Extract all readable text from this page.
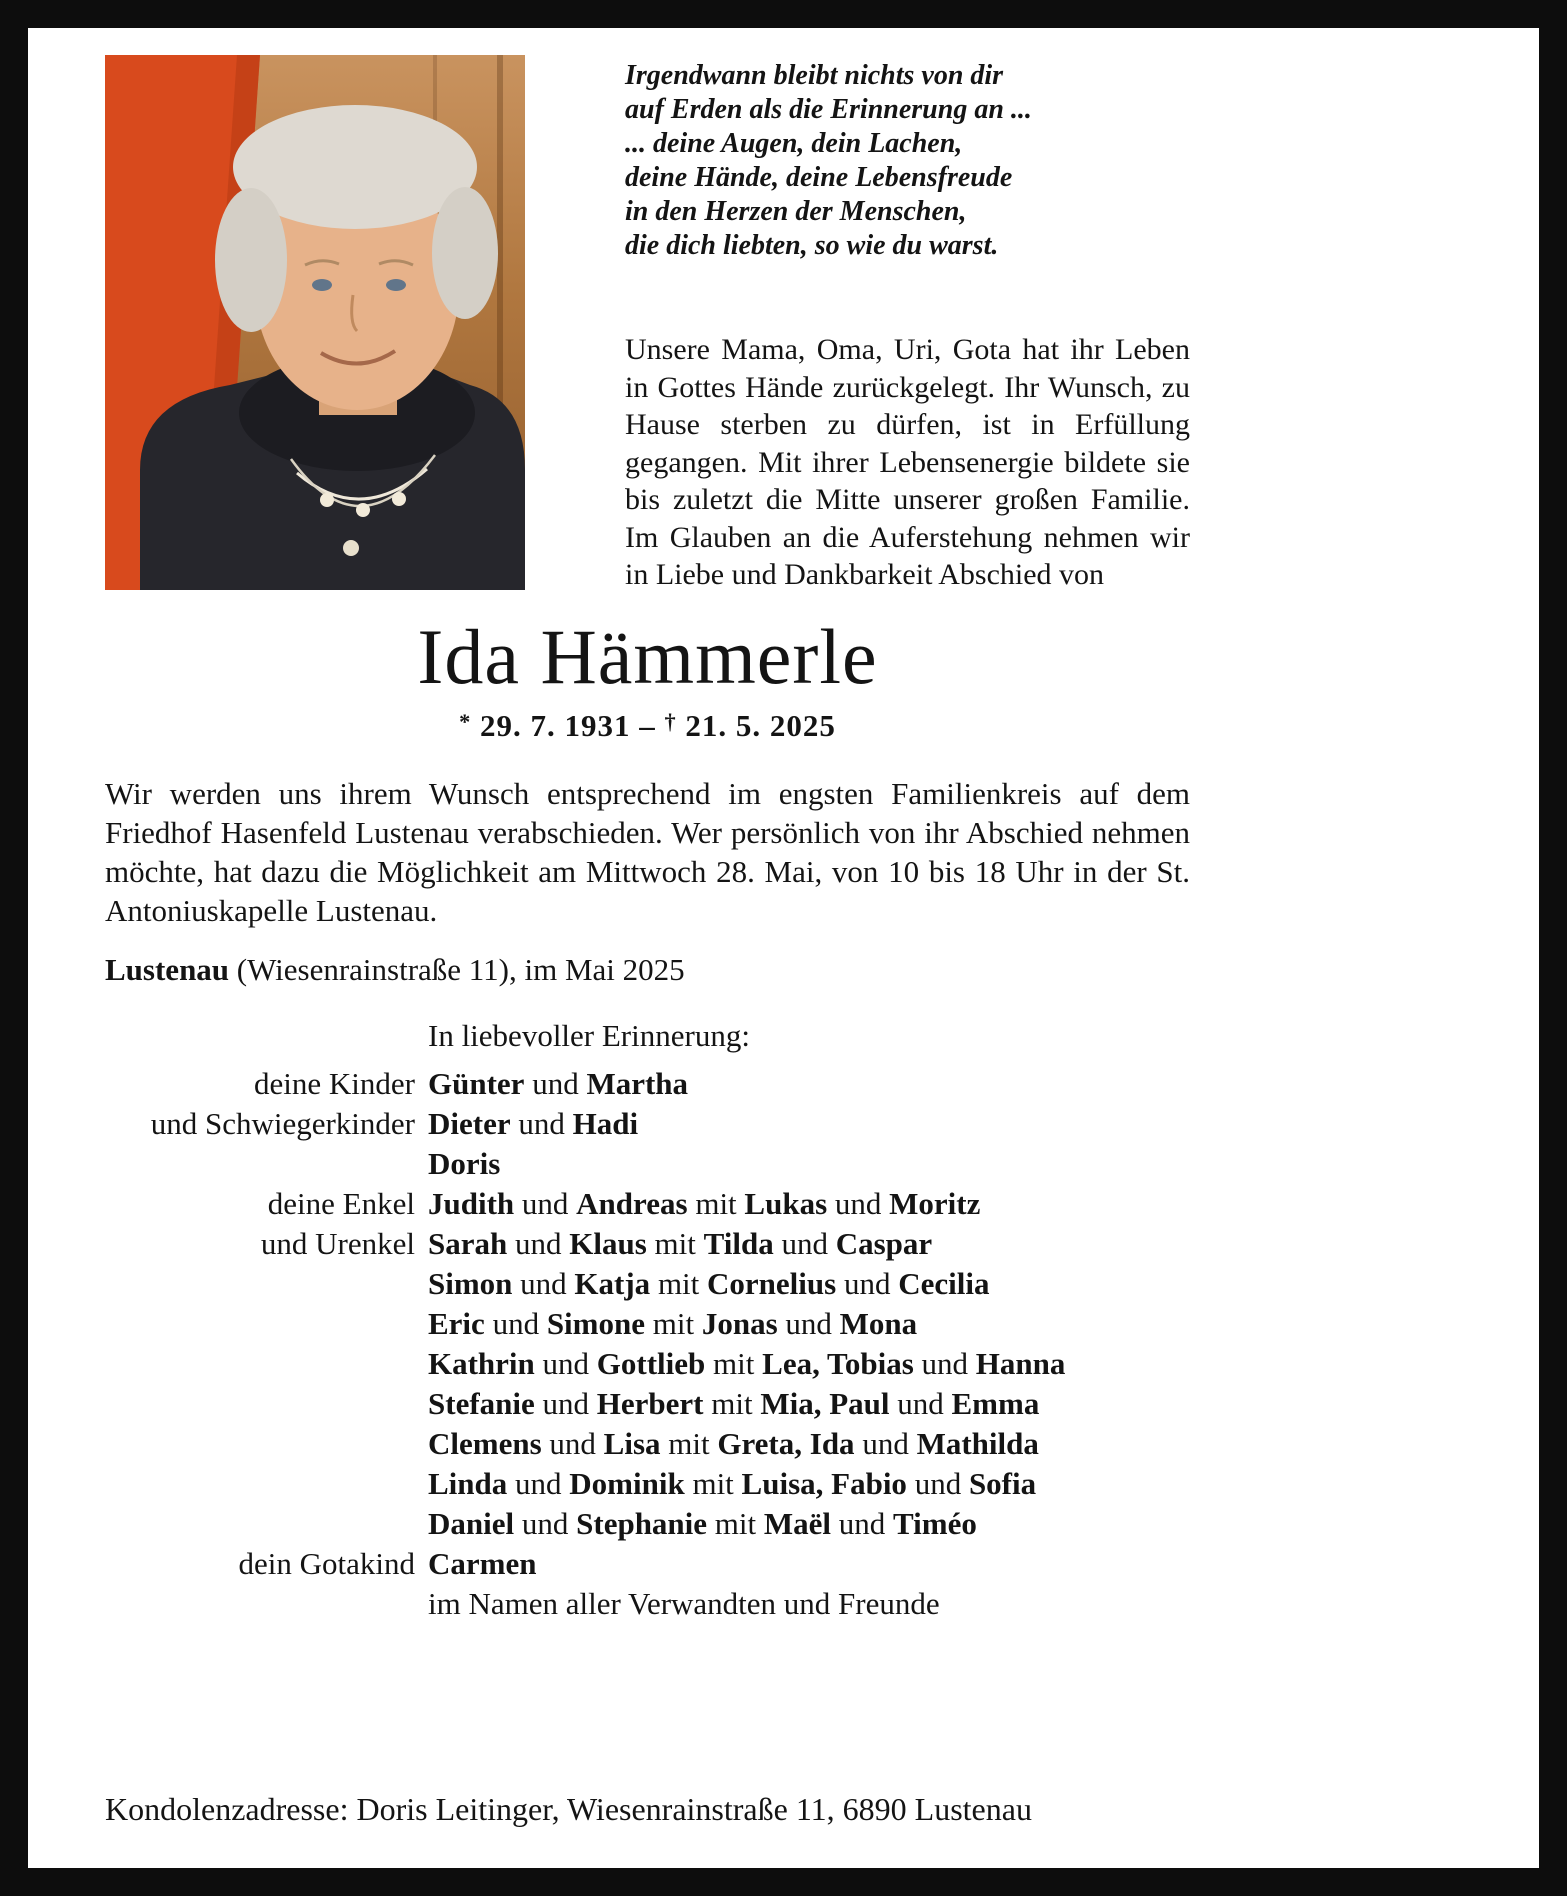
Irgendwann bleibt nichts von dir
auf Erden als die Erinnerung an ...
... deine Augen, dein Lachen,
deine Hände, deine Lebensfreude
in den Herzen der Menschen,
die dich liebten, so wie du warst.
Unsere Mama, Oma, Uri, Gota hat ihr Leben in Gottes Hände zurückgelegt. Ihr Wunsch, zu Hause sterben zu dürfen, ist in Erfüllung gegangen. Mit ihrer Lebensenergie bildete sie bis zuletzt die Mitte unserer großen Familie. Im Glauben an die Auferstehung nehmen wir in Liebe und Dankbarkeit Abschied von
Ida Hämmerle
* 29. 7. 1931 – † 21. 5. 2025

Wir werden uns ihrem Wunsch entsprechend im engsten Familienkreis auf dem Friedhof Hasenfeld Lustenau verabschieden. Wer persönlich von ihr Abschied nehmen möchte, hat dazu die Möglichkeit am Mittwoch 28. Mai, von 10 bis 18 Uhr in der St. Antoniuskapelle Lustenau.

Lustenau (Wiesenrainstraße 11), im Mai 2025

In liebevoller Erinnerung:

deine Kinder Günter und Martha
und Schwiegerkinder Dieter und Hadi
Doris
deine Enkel Judith und Andreas mit Lukas und Moritz
und Urenkel Sarah und Klaus mit Tilda und Caspar
Simon und Katja mit Cornelius und Cecilia
Eric und Simone mit Jonas und Mona
Kathrin und Gottlieb mit Lea, Tobias und Hanna
Stefanie und Herbert mit Mia, Paul und Emma
Clemens und Lisa mit Greta, Ida und Mathilda
Linda und Dominik mit Luisa, Fabio und Sofia
Daniel und Stephanie mit Maël und Timéo
dein Gotakind Carmen
im Namen aller Verwandten und Freunde

Kondolenzadresse: Doris Leitinger, Wiesenrainstraße 11, 6890 Lustenau
